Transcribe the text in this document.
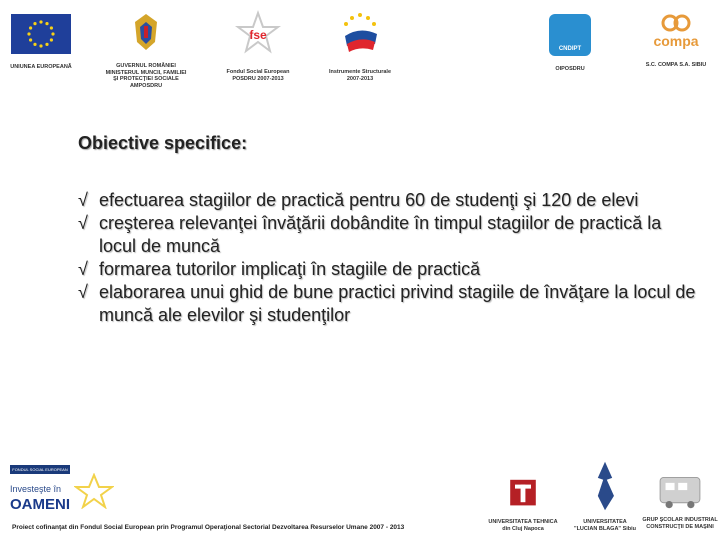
UNIUNEA EUROPEANĂ	GUVERNUL ROMÂNIEI
MINISTERUL MUNCII, FAMILIEI
ŞI PROTECŢIEI SOCIALE
AMPOSDRU
fse
Fondul Social European
POSDRU 2007-2013
Instrumente Structurale
2007-2013
CNDIPT
OIPOSDRU
compa
S.C. COMPA S.A. SIBIU
Obiective specifice:
√ efectuarea stagiilor de practică pentru 60 de studenţi şi 120 de elevi
√ creşterea relevanţei învăţării dobândite în timpul stagiilor de practică la locul de muncă
√ formarea tutorilor implicaţi în stagiile de practică
√ elaborarea unui ghid de bune practici privind stagiile de învăţare la locul de muncă ale elevilor şi studenţilor
FONDUL SOCIAL EUROPEAN
Investeşte în
OAMENI
UNIVERSITATEA TEHNICA
din Cluj Napoca
UNIVERSITATEA
"LUCIAN BLAGA" Sibiu
GRUP ŞCOLAR INDUSTRIAL
CONSTRUCŢII DE MAŞINI
Proiect cofinanţat din Fondul Social European prin Programul Operaţional Sectorial Dezvoltarea Resurselor Umane 2007 - 2013
